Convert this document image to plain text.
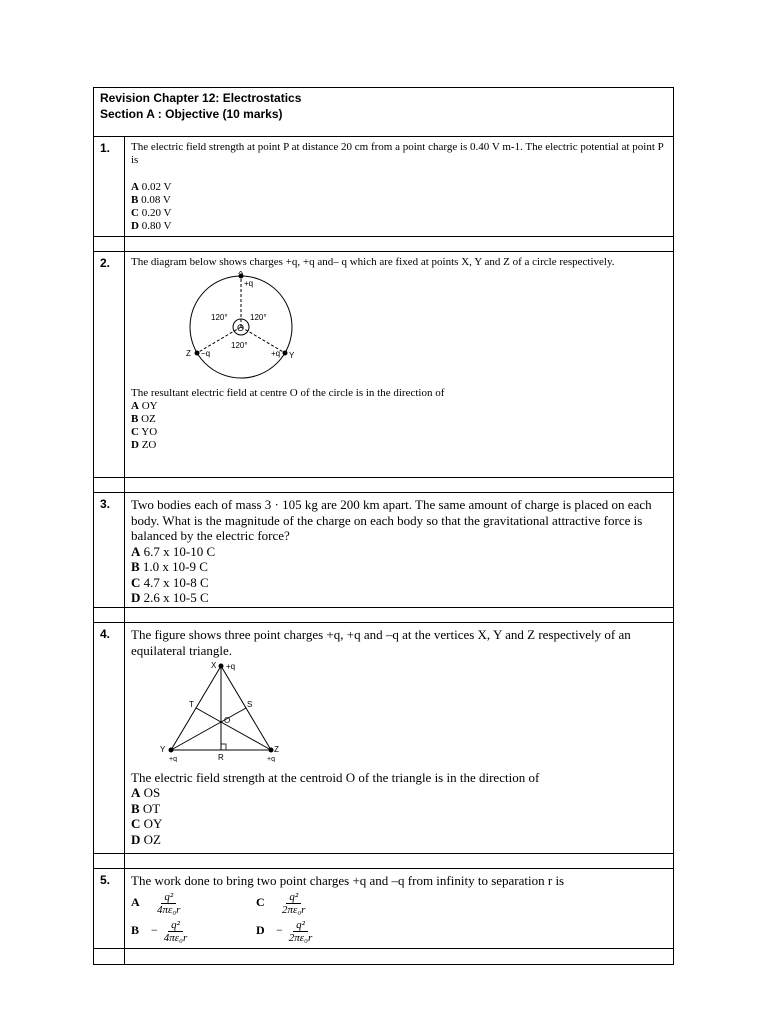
Revision Chapter 12: Electrostatics
Section A : Objective (10 marks)
1.	The electric field strength at point P at distance 20 cm from a point charge is 0.40 V m-1. The electric potential at point P is
A 0.02 V
B 0.08 V
C 0.20 V
D 0.80 V
2.	The diagram below shows charges +q, +q and– q which are fixed at points X, Y and Z of a circle respectively.
X
+q
O
120°	120°
120°
Z −q	+q Y
The resultant electric field at centre O of the circle is in the direction of
A OY
B OZ
C YO
D ZO
3.	Two bodies each of mass 3 · 105 kg are 200 km apart. The same amount of charge is placed on each body. What is the magnitude of the charge on each body so that the gravitational attractive force is balanced by the electric force?
A 6.7 x 10-10 C
B 1.0 x 10-9 C
C 4.7 x 10-8 C
D 2.6 x 10-5 C
4.	The figure shows three point charges +q, +q and –q at the vertices X, Y and Z respectively of an equilateral triangle.
X +q
T	S
O
Y
+q	R
Z
+q
The electric field strength at the centroid O of the triangle is in the direction of
A OS
B OT
C OY
D OZ
5.	The work done to bring two point charges +q and –q from infinity to separation r is
A	$\frac{\text{q²}}{\text{4πε₀r}}$	C	$\frac{\text{q²}}{\text{2πε₀r}}$
$B - \frac{\text{q²}}{\text{4πε₀r}}$	$D - \frac{\text{q²}}{\text{2πε₀r}}$
